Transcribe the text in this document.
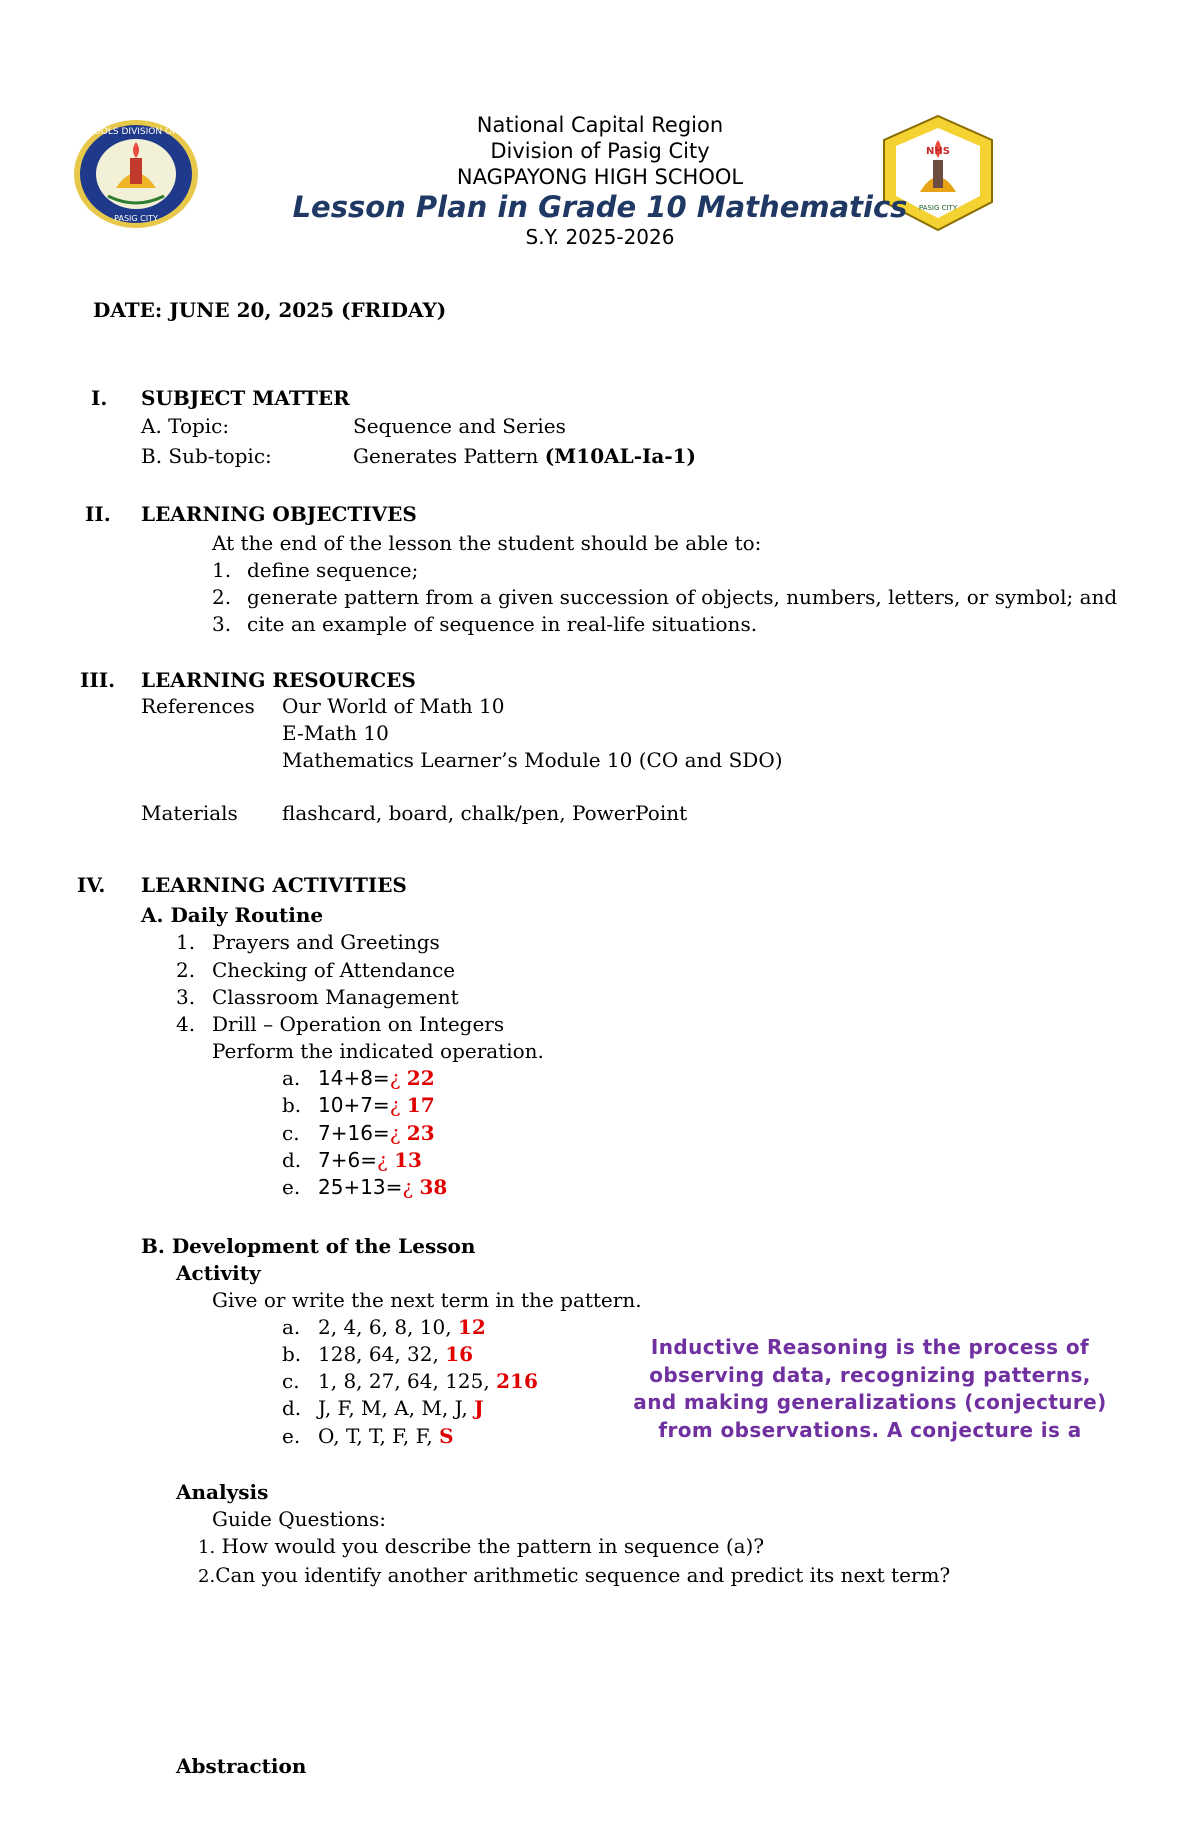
SCHOOLS DIVISION OFFICE
PASIG CITY
NHS
PASIG CITY
National Capital Region
Division of Pasig City
NAGPAYONG HIGH SCHOOL
Lesson Plan in Grade 10 Mathematics
S.Y. 2025-2026
DATE: JUNE 20, 2025 (FRIDAY)
I. SUBJECT MATTER
A. Topic:	Sequence and Series
B. Sub-topic:	Generates Pattern (M10AL-Ia-1)
II. LEARNING OBJECTIVES
At the end of the lesson the student should be able to:
1. define sequence;
2. generate pattern from a given succession of objects, numbers, letters, or symbol; and
3. cite an example of sequence in real-life situations.
III. LEARNING RESOURCES
References Our World of Math 10
E-Math 10
Mathematics Learner’s Module 10 (CO and SDO)
Materials flashcard, board, chalk/pen, PowerPoint
IV. LEARNING ACTIVITIES
A. Daily Routine
1. Prayers and Greetings
2. Checking of Attendance
3. Classroom Management
4. Drill – Operation on Integers
Perform the indicated operation.
a. 14+8=¿ 22
b. 10+7=¿ 17
c. 7+16=¿ 23
d. 7+6=¿ 13
e. 25+13=¿ 38
B. Development of the Lesson
Activity
Give or write the next term in the pattern.
a. 2, 4, 6, 8, 10, 12
b. 128, 64, 32, 16
c. 1, 8, 27, 64, 125, 216
d. J, F, M, A, M, J, J
e. O, T, T, F, F, S
Inductive Reasoning is the process of
observing data, recognizing patterns,
and making generalizations (conjecture)
from observations. A conjecture is a
Analysis
Guide Questions:
1. How would you describe the pattern in sequence (a)?
2.Can you identify another arithmetic sequence and predict its next term?
Abstraction
